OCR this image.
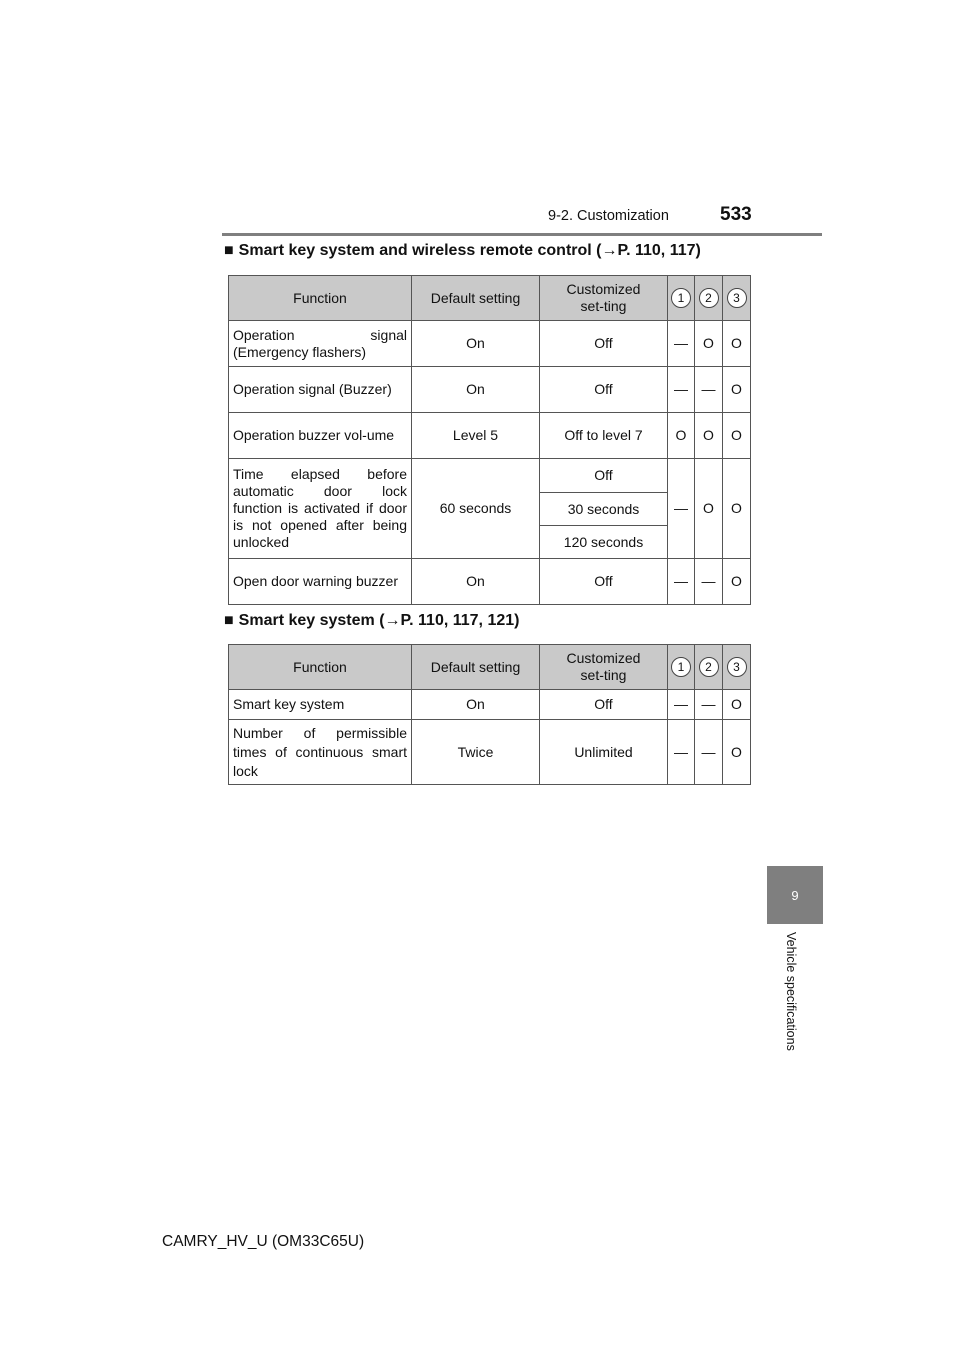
9-2. Customization	533
9
Vehicle specifications
■ Smart key system and wireless remote control (→P. 110, 117)
Function	Default setting	Customized set-ting	1	2	3
Operation signal (Emergency flashers)	On	Off	—	O	O
Operation signal (Buzzer)	On	Off	—	—	O
Operation buzzer vol-ume	Level 5	Off to level 7	O	O	O
Time elapsed before automatic door lock function is activated if door is not opened after being unlocked	60 seconds	Off	—	O	O
		30 seconds			
		120 seconds			
Open door warning buzzer	On	Off	—	—	O
■ Smart key system (→P. 110, 117, 121)
Function	Default setting	Customized set-ting	1	2	3
Smart key system	On	Off	—	—	O
Number of permissible times of continuous smart lock	Twice	Unlimited	—	—	O
CAMRY_HV_U (OM33C65U)
